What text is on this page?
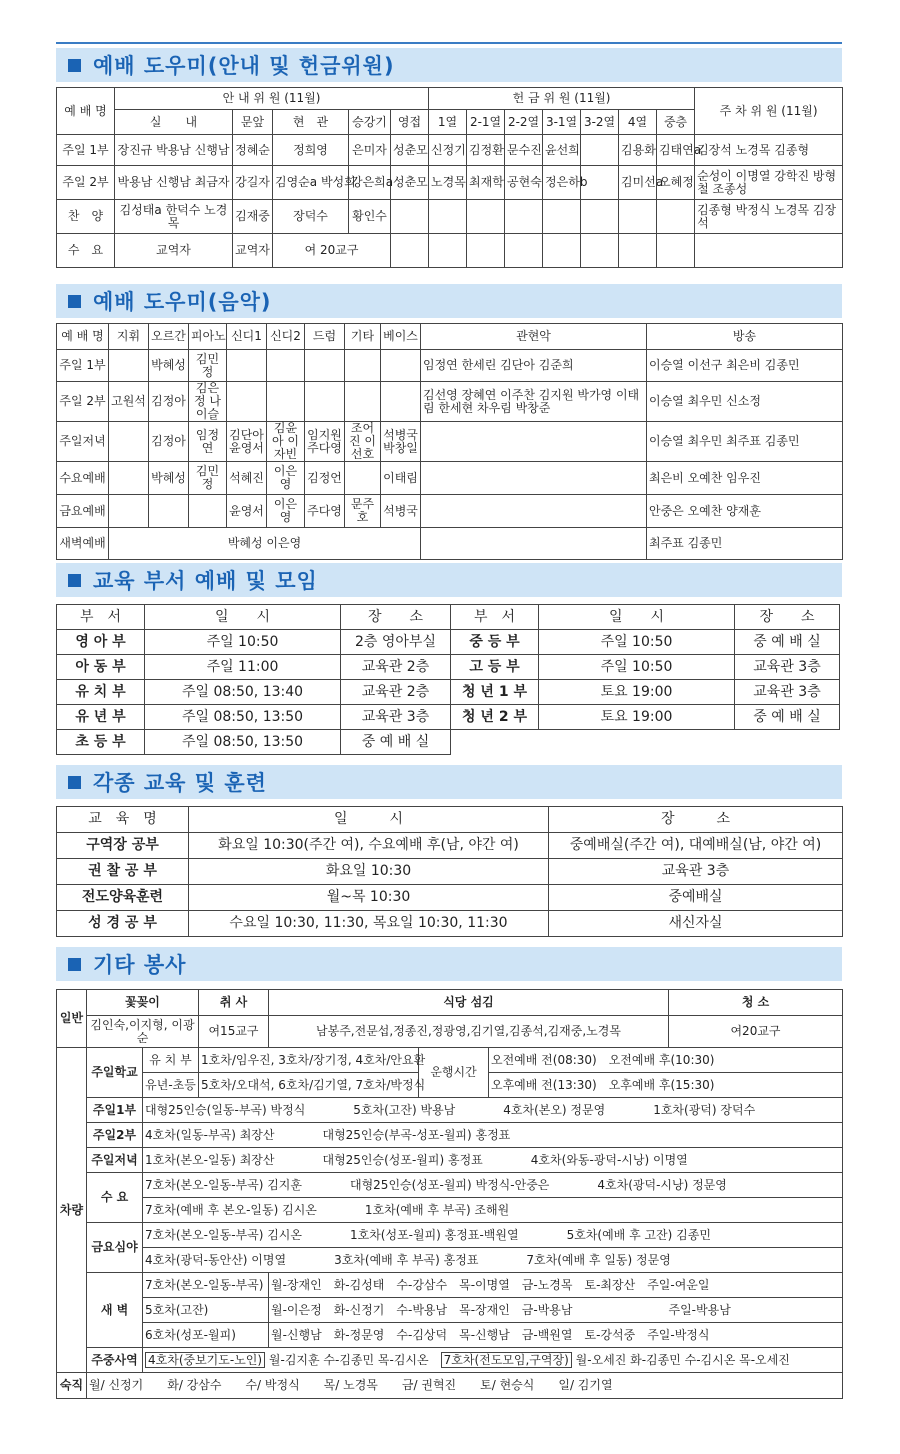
예배 도우미(안내 및 헌금위원)
예 배 명	안 내 위 원 (11월)					헌 금 위 원 (11월)							주 차 위 원 (11월)	
	실　　내	문앞	현　관	승강기	영접	1열	2-1열	2-2열	3-1열	3-2열	4열	중층		
주일 1부	장진규 박용남 신행남	정혜순	정희영	은미자	성춘모	신정기	김정환	문수진	윤선희		김용화	김태연a	김장석 노경목 김종형	
주일 2부	박용남 신행남 최금자	강길자	김영순a 박성희	강은희a	성춘모	노경목	최재학	공현숙	정은하b		김미선a	오혜정	순성이 이명열 강학진 방형철 조종성	
찬　양	김성태a 한덕수 노경목	김재중	장덕수	황인수									김종형 박정식 노경목 김장석	
수　요	교역자	교역자	여 20교구										
예배 도우미(음악)
예 배 명	지휘	오르간	피아노	신디1	신디2	드럼	기타	베이스	관현악	방송
주일 1부		박혜성	김민정						임정연 한세린 김단아 김준희	이승열 이선구 최은비 김종민
주일 2부	고원석	김정아	김은정 나이슬						김선영 장혜연 이주찬 김지원 박가영 이태림 한세현 차우림 박창준	이승열 최우민 신소정
주일저녁		김정아	임정연	김단아 윤영서	김윤아 이자빈	임지원 주다영	조어진 이선호	석병국 박창일		이승열 최우민 최주표 김종민
수요예배		박혜성	김민정	석혜진	이은영	김정언		이태림		최은비 오예찬 임우진
금요예배				윤영서	이은영	주다영	문주호	석병국		안중은 오예찬 양재훈
새벽예배	박혜성 이은영									최주표 김종민
교육 부서 예배 및 모임
부　서	일　　시	장　　소	부　서	일　　시	장　　소
영 아 부	주일 10:50	2층 영아부실	중 등 부	주일 10:50	중 예 배 실
아 동 부	주일 11:00	교육관 2층	고 등 부	주일 10:50	교육관 3층
유 치 부	주일 08:50, 13:40	교육관 2층	청 년 1 부	토요 19:00	교육관 3층
유 년 부	주일 08:50, 13:50	교육관 3층	청 년 2 부	토요 19:00	중 예 배 실
초 등 부	주일 08:50, 13:50	중 예 배 실			
각종 교육 및 훈련
교　육　명	일　　　시	장　　　소
구역장 공부	화요일 10:30(주간 여), 수요예배 후(남, 야간 여)	중예배실(주간 여), 대예배실(남, 야간 여)
권 찰 공 부	화요일 10:30	교육관 3층
전도양육훈련	월~목 10:30	중예배실
성 경 공 부	수요일 10:30, 11:30, 목요일 10:30, 11:30	새신자실
기타 봉사
일반	꽃꽂이		취 사	식당 섬김			청 소
	김인숙,이지형, 이광순		여15교구	남봉주,전문섭,정종진,정광영,김기열,김종석,김재중,노경목			여20교구
차량	주일학교	유 치 부	1호차/임우진, 3호차/장기정, 4호차/안요환		운행시간	오전예배 전(08:30)　오전예배 후(10:30)	
		유년-초등	5호차/오대석, 6호차/김기열, 7호차/박정식			오후예배 전(13:30)　오후예배 후(15:30)	
	주일1부	대형25인승(일동-부곡) 박정식　　　　5호차(고잔) 박용남　　　　4호차(본오) 정문영　　　　1호차(광덕) 장덕수					
	주일2부	4호차(일동-부곡) 최장산　　　　대형25인승(부곡-성포-월피) 홍정표					
	주일저녁	1호차(본오-일동) 최장산　　　　대형25인승(성포-월피) 홍정표　　　　4호차(와동-광덕-시낭) 이명열					
	수 요	7호차(본오-일동-부곡) 김지훈　　　　대형25인승(성포-월피) 박정식-안중은　　　　4호차(광덕-시낭) 정문영					
		7호차(예배 후 본오-일동) 김시온　　　　1호차(예배 후 부곡) 조해원					
	금요심야	7호차(본오-일동-부곡) 김시온　　　　1호차(성포-월피) 홍정표-백원열　　　　5호차(예배 후 고잔) 김종민					
		4호차(광덕-동안산) 이명열　　　　3호차(예배 후 부곡) 홍정표　　　　7호차(예배 후 일동) 정문영					
	새 벽	7호차(본오-일동-부곡)		월-장재인　화-김성태　수-강삼수　목-이명열　금-노경목　토-최장산　주일-여운일			
		5호차(고잔)		월-이은정　화-신정기　수-박용남　목-장재인　금-박용남　　　　　　　　주일-박용남			
		6호차(성포-월피)		월-신행남　화-정문영　수-김상덕　목-신행남　금-백원열　토-강석중　주일-박정식			
	주중사역	4호차(중보기도-노인) 월-김지훈 수-김종민 목-김시온　7호차(전도모임,구역장) 월-오세진 화-김종민 수-김시온 목-오세진					
숙직	월/ 신정기　　화/ 강삼수　　수/ 박정식　　목/ 노경목　　금/ 권혁진　　토/ 현승식　　일/ 김기열						
